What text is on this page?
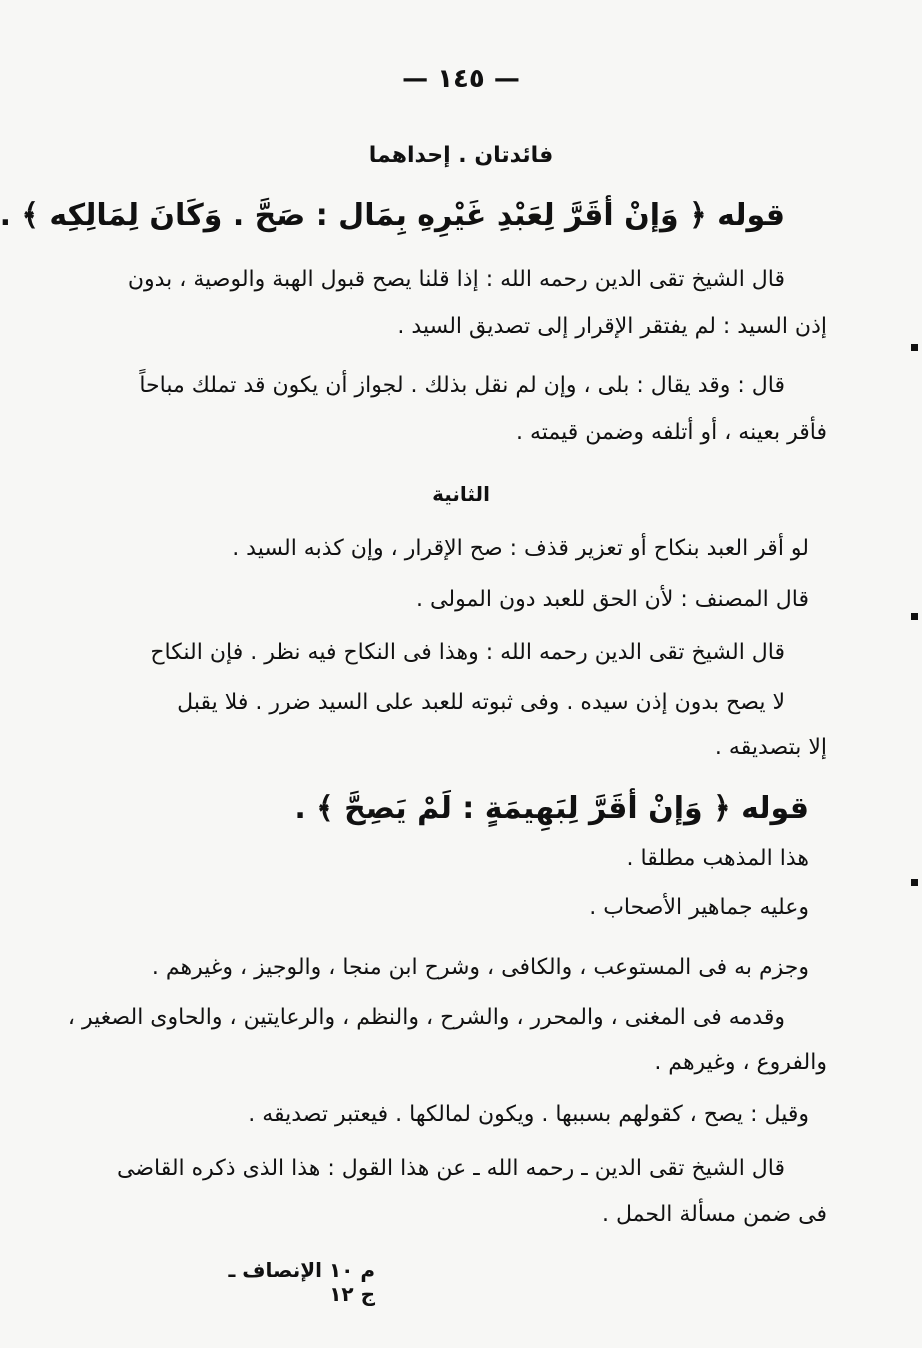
— ١٤٥ —
فائدتان . إحداهما
قوله ﴿ وَإنْ أقَرَّ لِعَبْدِ غَيْرِهِ بِمَال : صَحَّ . وَكَانَ لِمَالِكِه ﴾ .
قال الشيخ تقى الدين رحمه الله : إذا قلنا يصح قبول الهبة والوصية ، بدون
إذن السيد : لم يفتقر الإقرار إلى تصديق السيد .
قال : وقد يقال : بلى ، وإن لم نقل بذلك . لجواز أن يكون قد تملك مباحاً
فأقر بعينه ، أو أتلفه وضمن قيمته .
الثانية
لو أقر العبد بنكاح أو تعزير قذف : صح الإقرار ، وإن كذبه السيد .
قال المصنف : لأن الحق للعبد دون المولى .
قال الشيخ تقى الدين رحمه الله : وهذا فى النكاح فيه نظر . فإن النكاح
لا يصح بدون إذن سيده . وفى ثبوته للعبد على السيد ضرر . فلا يقبل
إلا بتصديقه .
قوله ﴿ وَإنْ أقَرَّ لِبَهِيمَةٍ : لَمْ يَصِحَّ ﴾ .
هذا المذهب مطلقا .
وعليه جماهير الأصحاب .
وجزم به فى المستوعب ، والكافى ، وشرح ابن منجا ، والوجيز ، وغيرهم .
وقدمه فى المغنى ، والمحرر ، والشرح ، والنظم ، والرعايتين ، والحاوى الصغير ،
والفروع ، وغيرهم .
وقيل : يصح ، كقولهم بسببها . ويكون لمالكها . فيعتبر تصديقه .
قال الشيخ تقى الدين ـ رحمه الله ـ عن هذا القول : هذا الذى ذكره القاضى
فى ضمن مسألة الحمل .
م ١٠ الإنصاف ـ ج ١٢
